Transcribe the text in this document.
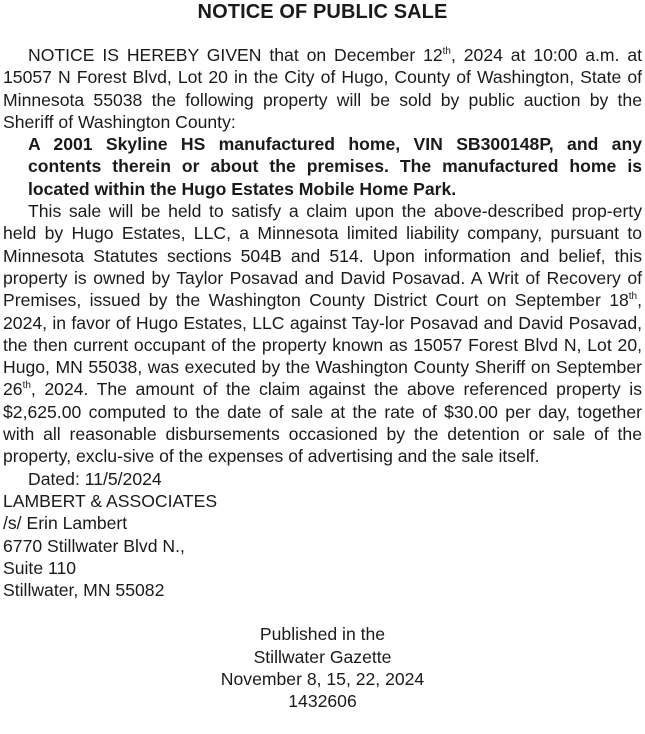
NOTICE OF PUBLIC SALE

NOTICE IS HEREBY GIVEN that on December 12th, 2024 at 10:00 a.m. at 15057 N Forest Blvd, Lot 20 in the City of Hugo, County of Washington, State of Minnesota 55038 the following property will be sold by public auction by the Sheriff of Washington County:

A 2001 Skyline HS manufactured home, VIN SB300148P, and any contents therein or about the premises. The manufactured home is located within the Hugo Estates Mobile Home Park.

This sale will be held to satisfy a claim upon the above-described prop-erty held by Hugo Estates, LLC, a Minnesota limited liability company, pursuant to Minnesota Statutes sections 504B and 514. Upon information and belief, this property is owned by Taylor Posavad and David Posavad. A Writ of Recovery of Premises, issued by the Washington County District Court on September 18th, 2024, in favor of Hugo Estates, LLC against Tay-lor Posavad and David Posavad, the then current occupant of the property known as 15057 Forest Blvd N, Lot 20, Hugo, MN 55038, was executed by the Washington County Sheriff on September 26th, 2024. The amount of the claim against the above referenced property is $2,625.00 computed to the date of sale at the rate of $30.00 per day, together with all reasonable disbursements occasioned by the detention or sale of the property, exclu-sive of the expenses of advertising and the sale itself.

Dated: 11/5/2024

LAMBERT & ASSOCIATES

/s/ Erin Lambert

6770 Stillwater Blvd N.,

Suite 110

Stillwater, MN 55082

Published in the

Stillwater Gazette

November 8, 15, 22, 2024

1432606
